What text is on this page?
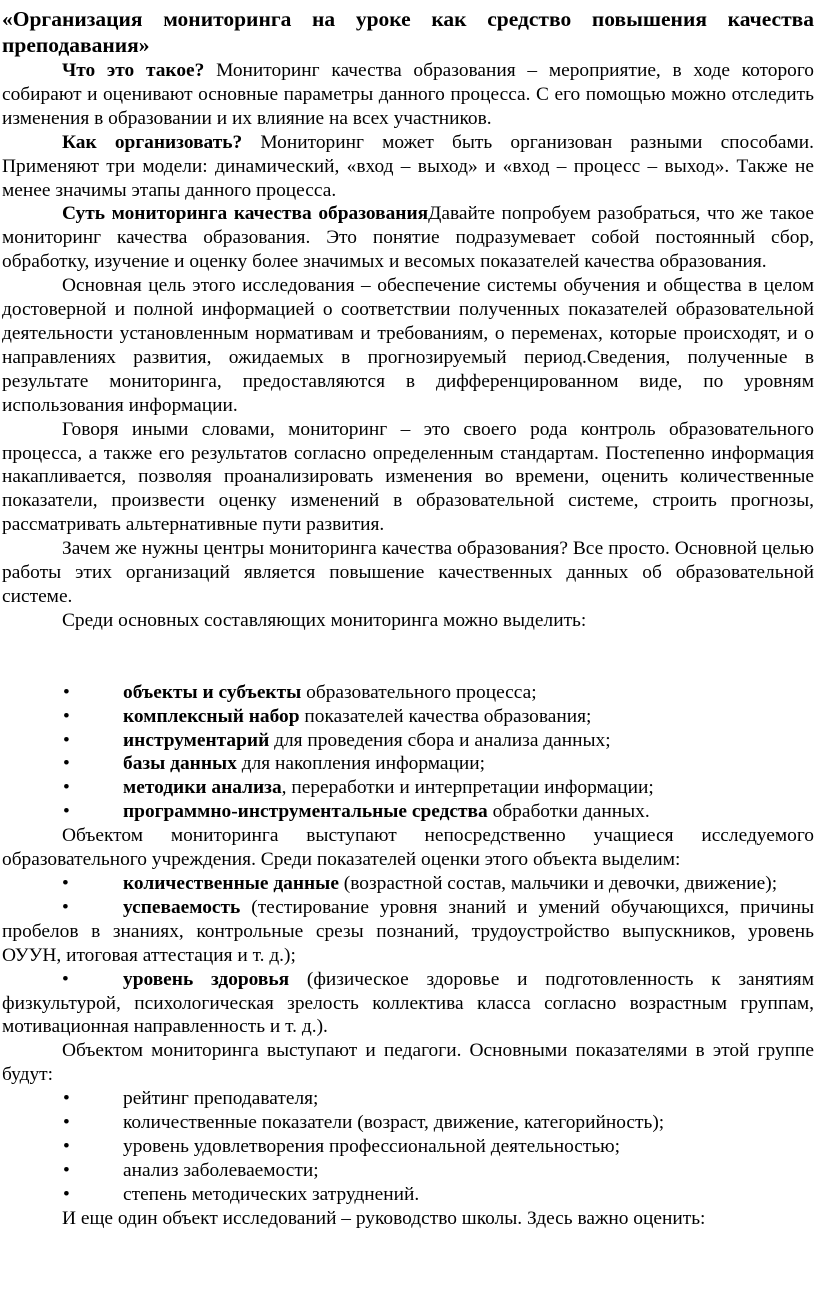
«Организация мониторинга на уроке как средство повышения качества преподавания»

Что это такое? Мониторинг качества образования – мероприятие, в ходе которого собирают и оценивают основные параметры данного процесса. С его помощью можно отследить изменения в образовании и их влияние на всех участников.

Как организовать? Мониторинг может быть организован разными способами. Применяют три модели: динамический, «вход – выход» и «вход – процесс – выход». Также не менее значимы этапы данного процесса.

Суть мониторинга качества образованияДавайте попробуем разобраться, что же такое мониторинг качества образования. Это понятие подразумевает собой постоянный сбор, обработку, изучение и оценку более значимых и весомых показателей качества образования.

Основная цель этого исследования – обеспечение системы обучения и общества в целом достоверной и полной информацией о соответствии полученных показателей образовательной деятельности установленным нормативам и требованиям, о переменах, которые происходят, и о направлениях развития, ожидаемых в прогнозируемый период.Сведения, полученные в результате мониторинга, предоставляются в дифференцированном виде, по уровням использования информации.

Говоря иными словами, мониторинг – это своего рода контроль образовательного процесса, а также его результатов согласно определенным стандартам. Постепенно информация накапливается, позволяя проанализировать изменения во времени, оценить количественные показатели, произвести оценку изменений в образовательной системе, строить прогнозы, рассматривать альтернативные пути развития.

Зачем же нужны центры мониторинга качества образования? Все просто. Основной целью работы этих организаций является повышение качественных данных об образовательной системе.

Среди основных составляющих мониторинга можно выделить:

•	объекты и субъекты образовательного процесса;
•	комплексный набор показателей качества образования;
•	инструментарий для проведения сбора и анализа данных;
•	базы данных для накопления информации;
•	методики анализа, переработки и интерпретации информации;
•	программно-инструментальные средства обработки данных.

Объектом мониторинга выступают непосредственно учащиеся исследуемого образовательного учреждения. Среди показателей оценки этого объекта выделим:

•	количественные данные (возрастной состав, мальчики и девочки, движение);

•	успеваемость (тестирование уровня знаний и умений обучающихся, причины пробелов в знаниях, контрольные срезы познаний, трудоустройство выпускников, уровень ОУУН, итоговая аттестация и т. д.);

•	уровень здоровья (физическое здоровье и подготовленность к занятиям физкультурой, психологическая зрелость коллектива класса согласно возрастным группам, мотивационная направленность и т. д.).

Объектом мониторинга выступают и педагоги. Основными показателями в этой группе будут:

•	рейтинг преподавателя;
•	количественные показатели (возраст, движение, категорийность);
•	уровень удовлетворения профессиональной деятельностью;
•	анализ заболеваемости;
•	степень методических затруднений.

И еще один объект исследований – руководство школы. Здесь важно оценить:
